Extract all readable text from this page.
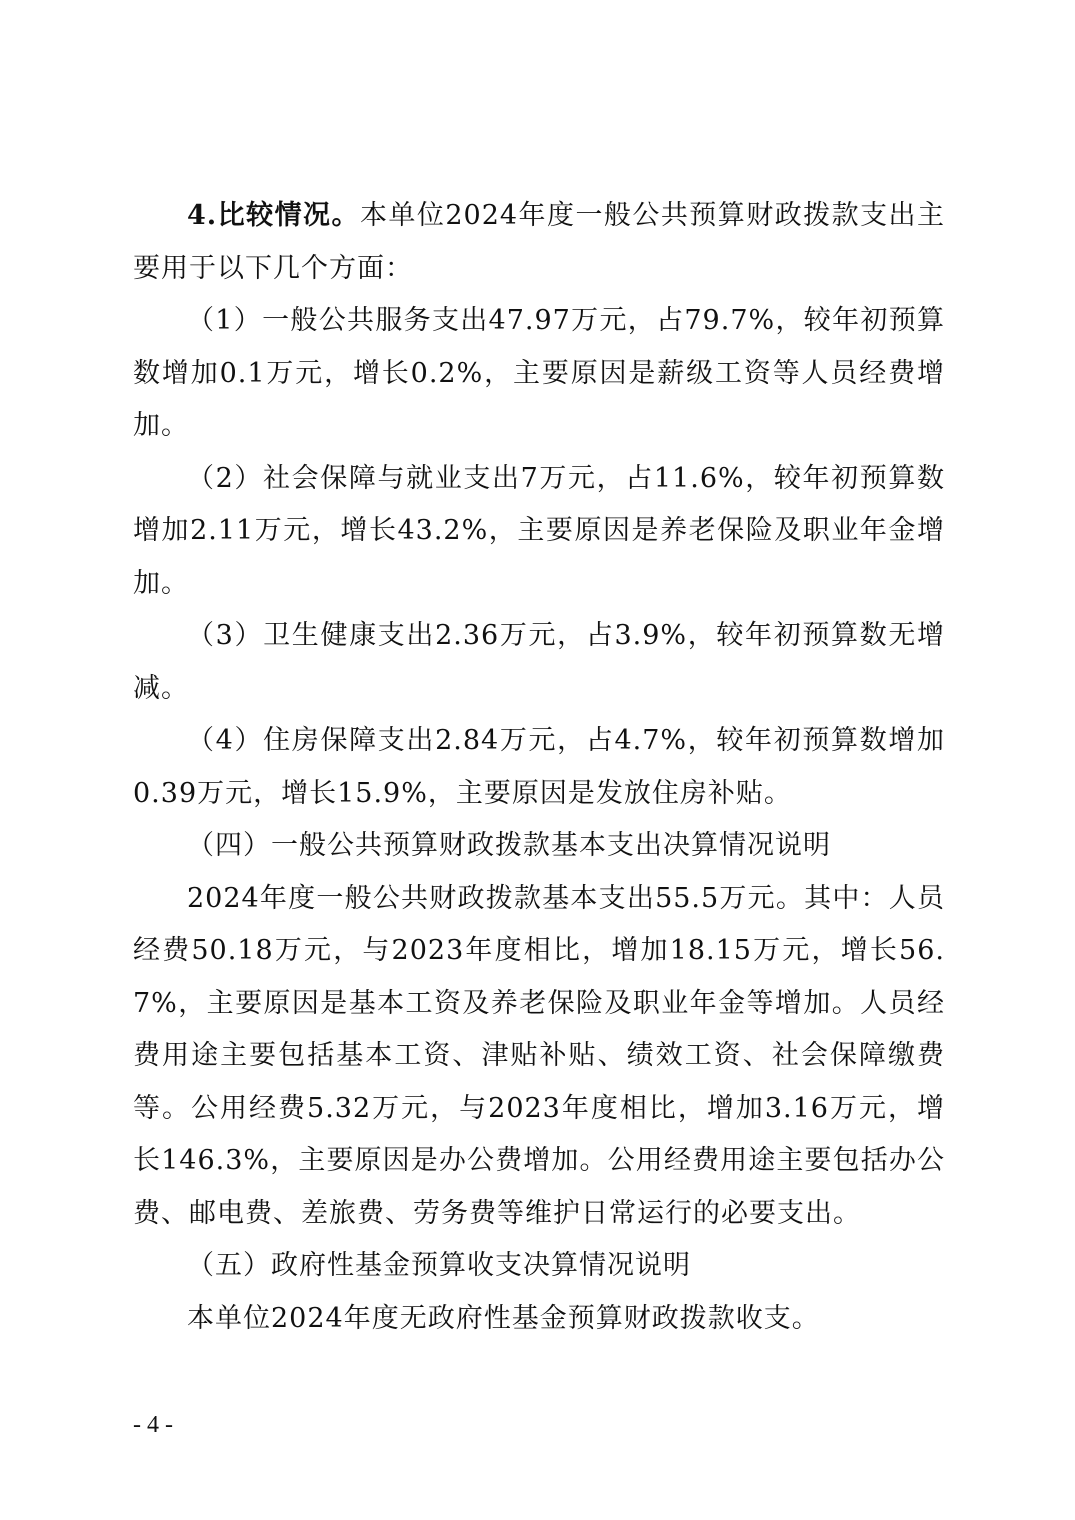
4.比较情况。本单位2024年度一般公共预算财政拨款支出主要用于以下几个方面：

（1）一般公共服务支出47.97万元，占79.7%，较年初预算数增加0.1万元，增长0.2%，主要原因是薪级工资等人员经费增加。

（2）社会保障与就业支出7万元，占11.6%，较年初预算数增加2.11万元，增长43.2%，主要原因是养老保险及职业年金增加。

（3）卫生健康支出2.36万元，占3.9%，较年初预算数无增减。

（4）住房保障支出2.84万元，占4.7%，较年初预算数增加0.39万元，增长15.9%，主要原因是发放住房补贴。

（四）一般公共预算财政拨款基本支出决算情况说明

2024年度一般公共财政拨款基本支出55.5万元。其中：人员经费50.18万元，与2023年度相比，增加18.15万元，增长56.7%，主要原因是基本工资及养老保险及职业年金等增加。人员经费用途主要包括基本工资、津贴补贴、绩效工资、社会保障缴费等。公用经费5.32万元，与2023年度相比，增加3.16万元，增长146.3%，主要原因是办公费增加。公用经费用途主要包括办公费、邮电费、差旅费、劳务费等维护日常运行的必要支出。

（五）政府性基金预算收支决算情况说明

本单位2024年度无政府性基金预算财政拨款收支。

- 4 -
